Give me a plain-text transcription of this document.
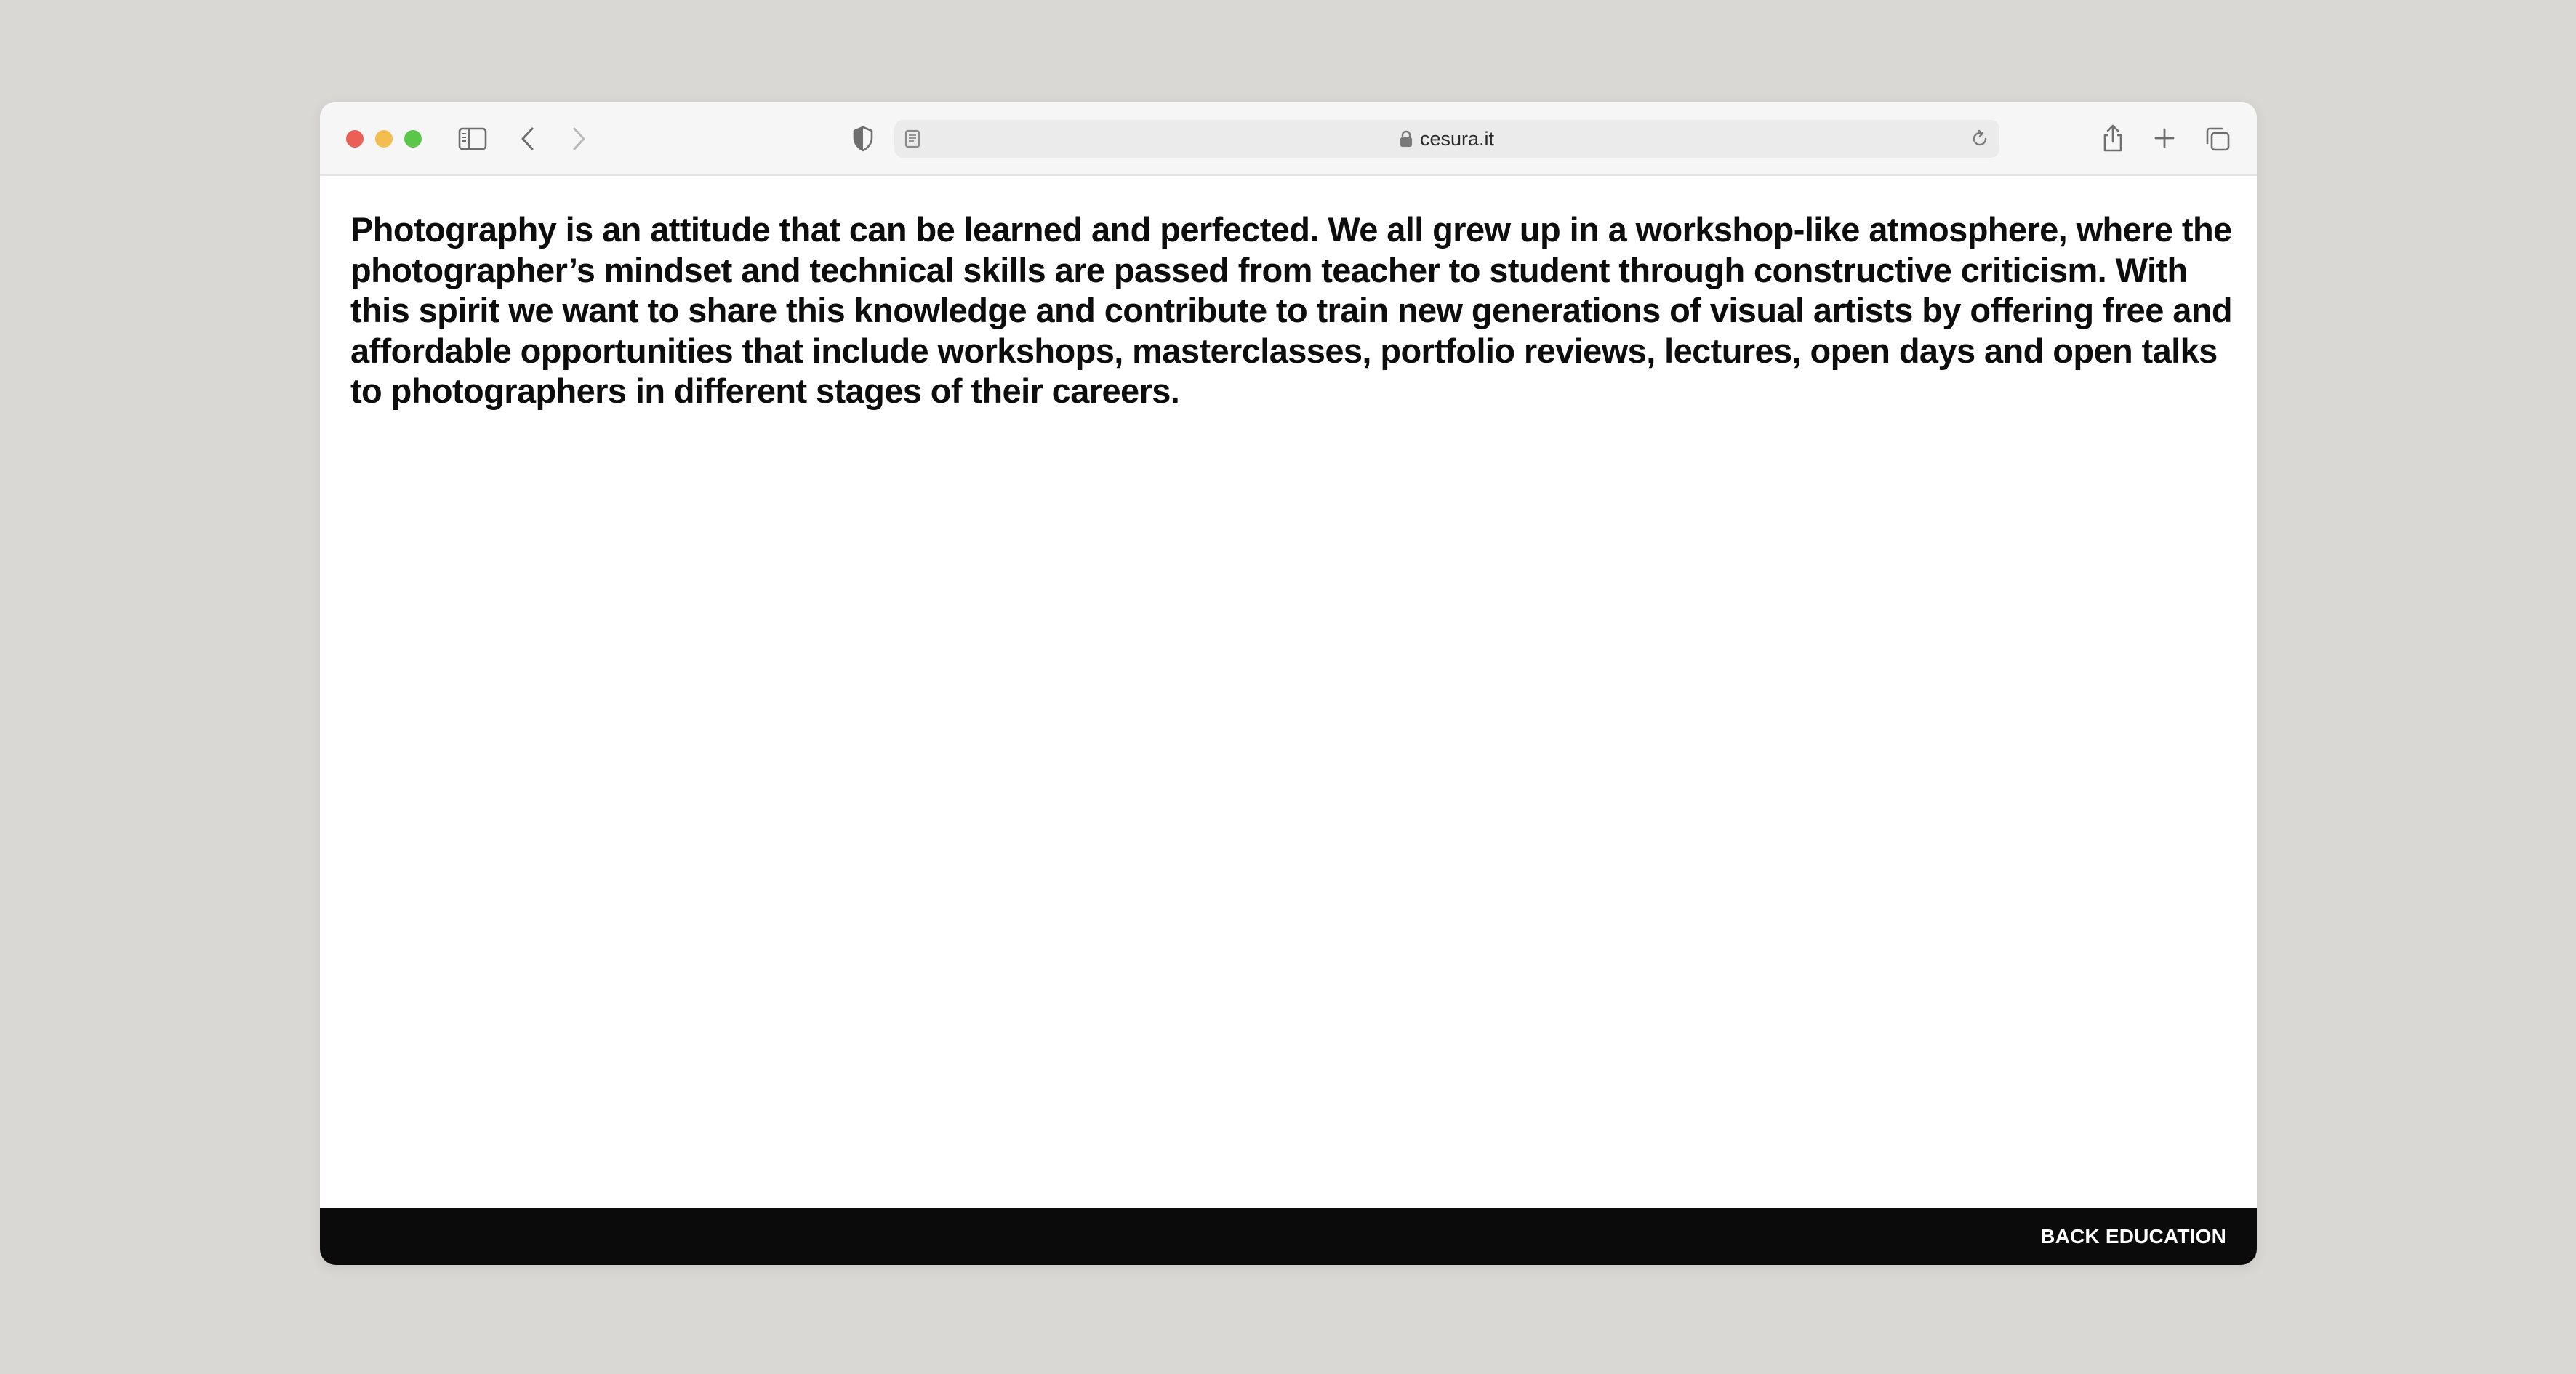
cesura.it

Photography is an attitude that can be learned and perfected. We all grew up in a workshop-like atmosphere, where the photographer’s mindset and technical skills are passed from teacher to student through constructive criticism. With this spirit we want to share this knowledge and contribute to train new generations of visual artists by offering free and affordable opportunities that include workshops, masterclasses, portfolio reviews, lectures, open days and open talks to photographers in different stages of their careers.

BACK EDUCATION
